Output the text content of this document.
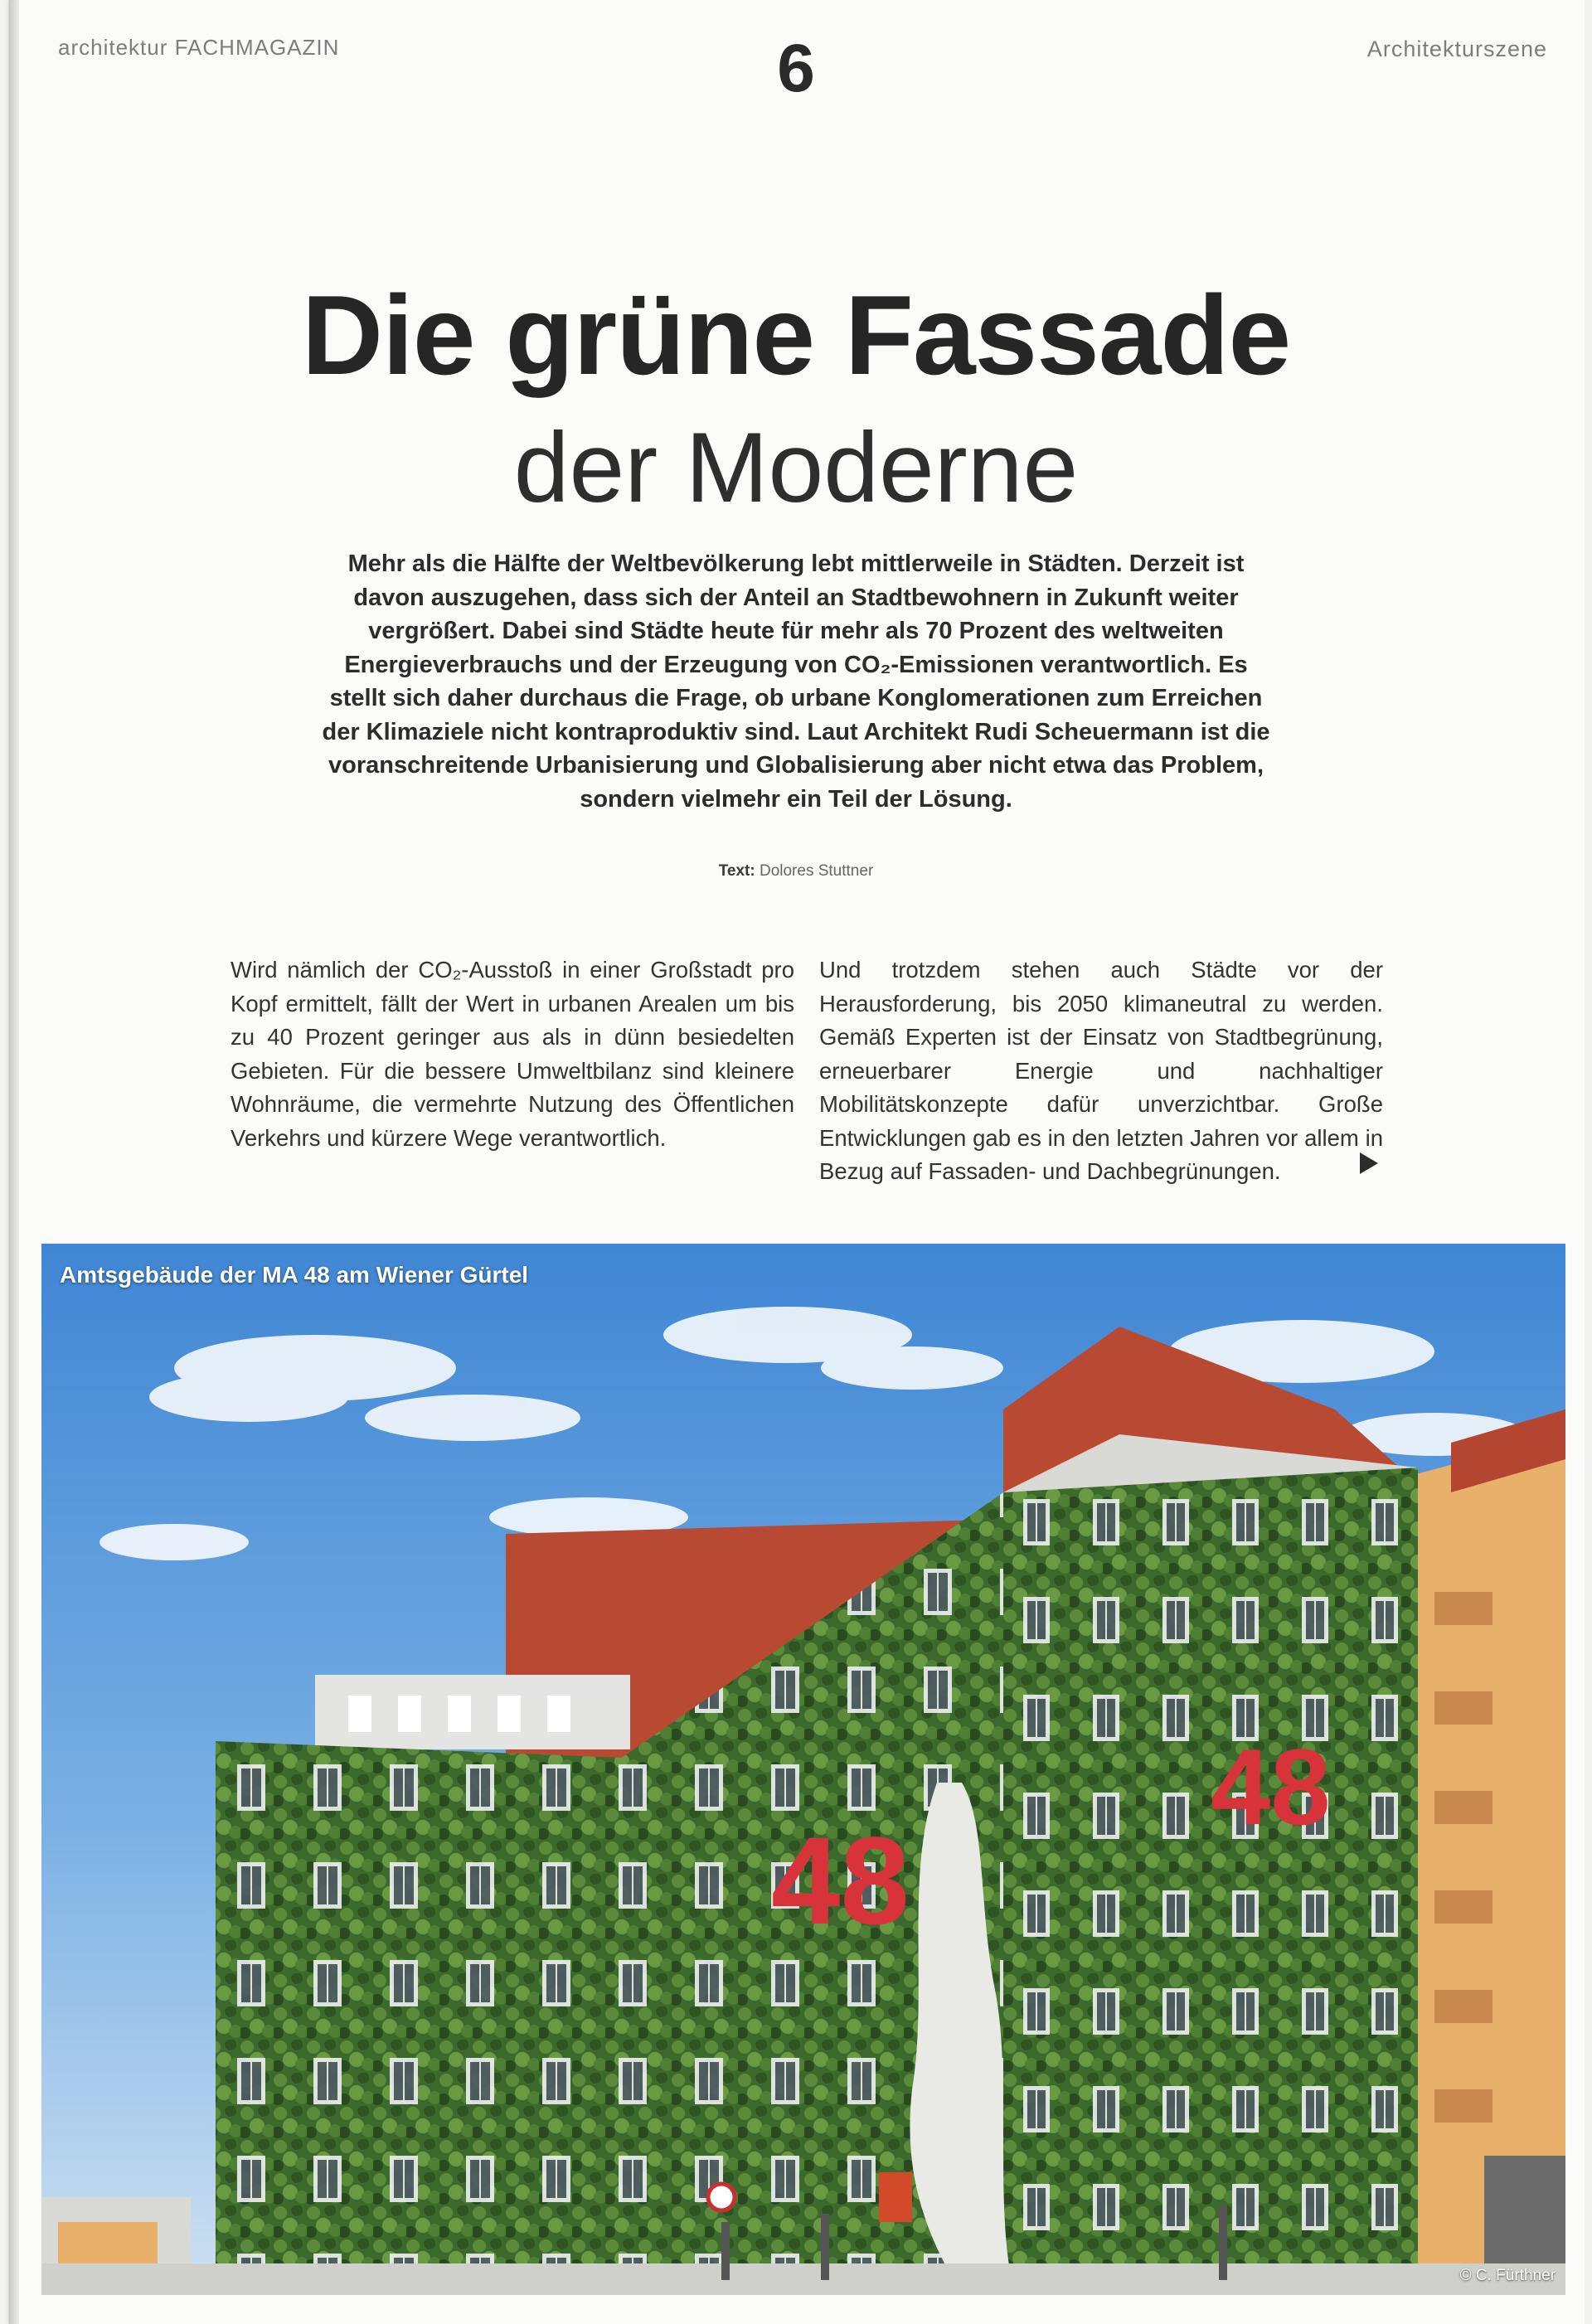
architektur FACHMAGAZIN	6	Architekturszene
Die grüne Fassade
der Moderne
Mehr als die Hälfte der Weltbevölkerung lebt mittlerweile in Städten. Derzeit ist davon auszugehen, dass sich der Anteil an Stadtbewohnern in Zukunft weiter vergrößert. Dabei sind Städte heute für mehr als 70 Prozent des weltweiten Energieverbrauchs und der Erzeugung von CO₂-Emissionen verantwortlich. Es stellt sich daher durchaus die Frage, ob urbane Konglomerationen zum Erreichen der Klimaziele nicht kontraproduktiv sind. Laut Architekt Rudi Scheuermann ist die voranschreitende Urbanisierung und Globalisierung aber nicht etwa das Problem, sondern vielmehr ein Teil der Lösung.
Text: Dolores Stuttner
Wird nämlich der CO₂-Ausstoß in einer Großstadt pro Kopf ermittelt, fällt der Wert in urbanen Arealen um bis zu 40 Prozent geringer aus als in dünn besiedelten Gebieten. Für die bessere Umweltbilanz sind kleinere Wohnräume, die vermehrte Nutzung des Öffentlichen Verkehrs und kürzere Wege verantwortlich.
Und trotzdem stehen auch Städte vor der Herausforderung, bis 2050 klimaneutral zu werden. Gemäß Experten ist der Einsatz von Stadtbegrünung, erneuerbarer Energie und nachhaltiger Mobilitätskonzepte dafür unverzichtbar. Große Entwicklungen gab es in den letzten Jahren vor allem in Bezug auf Fassaden- und Dachbegrünungen.
48
48
Amtsgebäude der MA 48 am Wiener Gürtel
© C. Fürthner
